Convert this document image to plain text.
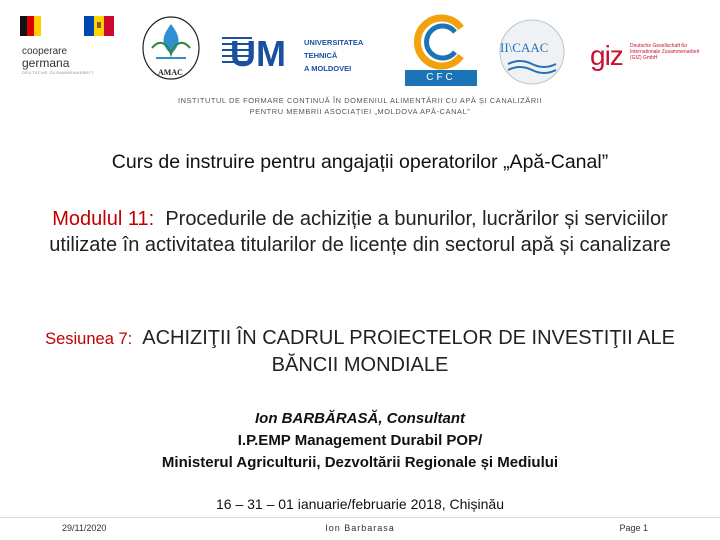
cooperare
germana
DEUTSCHE ZUSAMMENARBEIT	AMAC UM UNIVERSITATEA TEHNICĂ
A MOLDOVEI
CFC
II\CAAC giz Deutsche Gesellschaft für Internationale Zusammenarbeit (GIZ) GmbH
INSTITUTUL DE FORMARE CONTINUĂ ÎN DOMENIUL ALIMENTĂRII CU APĂ ȘI CANALIZĂRII
PENTRU MEMBRII ASOCIAȚIEI „MOLDOVA APĂ-CANAL”
Curs de instruire pentru angajații operatorilor „Apă-Canal”
Modulul 11: Procedurile de achiziție a bunurilor, lucrărilor și serviciilor utilizate în activitatea titularilor de licențe din sectorul apă și canalizare
Sesiunea 7: ACHIZIŢII ÎN CADRUL PROIECTELOR DE INVESTIŢII ALE BĂNCII MONDIALE
Ion BARBĂRASĂ, Consultant
I.P.EMP Management Durabil POP/
Ministerul Agriculturii, Dezvoltării Regionale și Mediului
16 – 31 – 01 ianuarie/februarie 2018, Chișinău
29/11/2020	Ion Barbarasa	Page 1
